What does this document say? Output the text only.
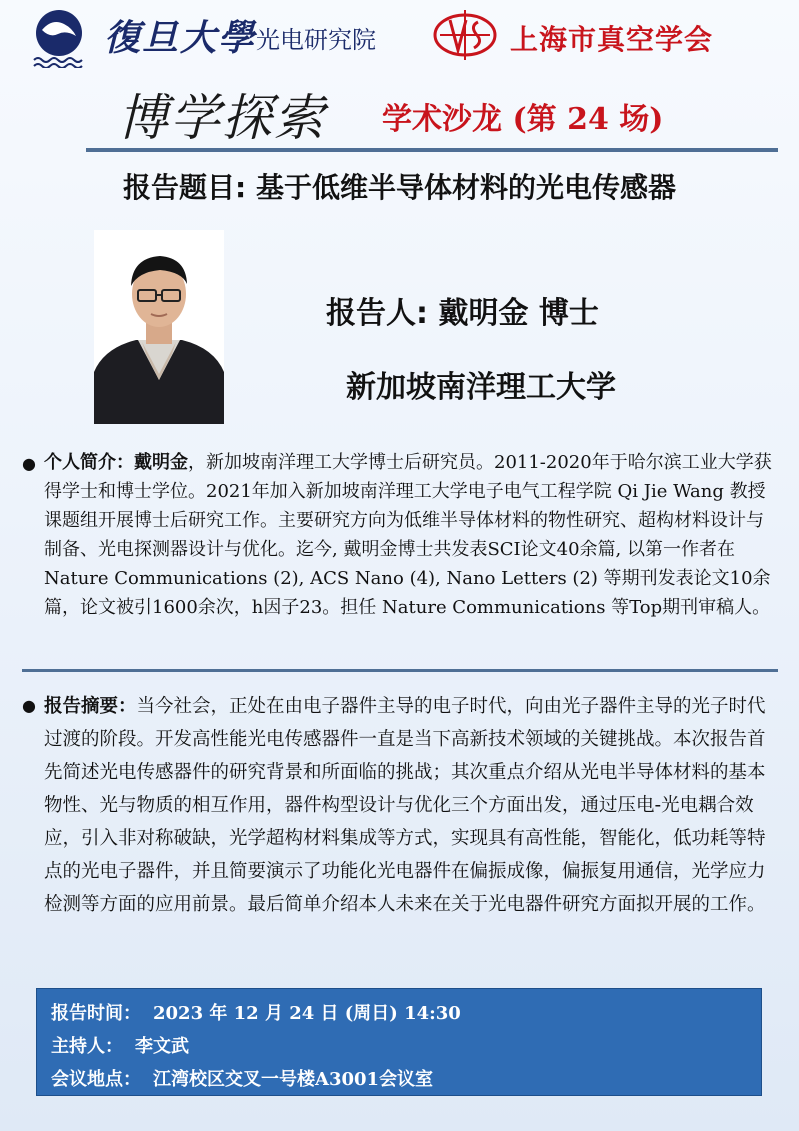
復旦大學 光电研究院	上海市真空学会
博学探索 学术沙龙 (第 24 场)
报告题目: 基于低维半导体材料的光电传感器
报告人: 戴明金 博士
新加坡南洋理工大学
● 个人简介：戴明金，新加坡南洋理工大学博士后研究员。2011-2020年于哈尔滨工业大学获得学士和博士学位。2021年加入新加坡南洋理工大学电子电气工程学院 Qi Jie Wang 教授课题组开展博士后研究工作。主要研究方向为低维半导体材料的物性研究、超构材料设计与制备、光电探测器设计与优化。迄今, 戴明金博士共发表SCI论文40余篇, 以第一作者在 Nature Communications (2), ACS Nano (4), Nano Letters (2) 等期刊发表论文10余篇，论文被引1600余次，h因子23。担任 Nature Communications 等Top期刊审稿人。
● 报告摘要：当今社会，正处在由电子器件主导的电子时代，向由光子器件主导的光子时代过渡的阶段。开发高性能光电传感器件一直是当下高新技术领域的关键挑战。本次报告首先简述光电传感器件的研究背景和所面临的挑战；其次重点介绍从光电半导体材料的基本物性、光与物质的相互作用，器件构型设计与优化三个方面出发，通过压电-光电耦合效应，引入非对称破缺，光学超构材料集成等方式，实现具有高性能，智能化，低功耗等特点的光电子器件，并且简要演示了功能化光电器件在偏振成像，偏振复用通信，光学应力检测等方面的应用前景。最后简单介绍本人未来在关于光电器件研究方面拟开展的工作。
报告时间： 2023 年 12 月 24 日 (周日) 14:30
主持人： 李文武
会议地点： 江湾校区交叉一号楼A3001会议室
